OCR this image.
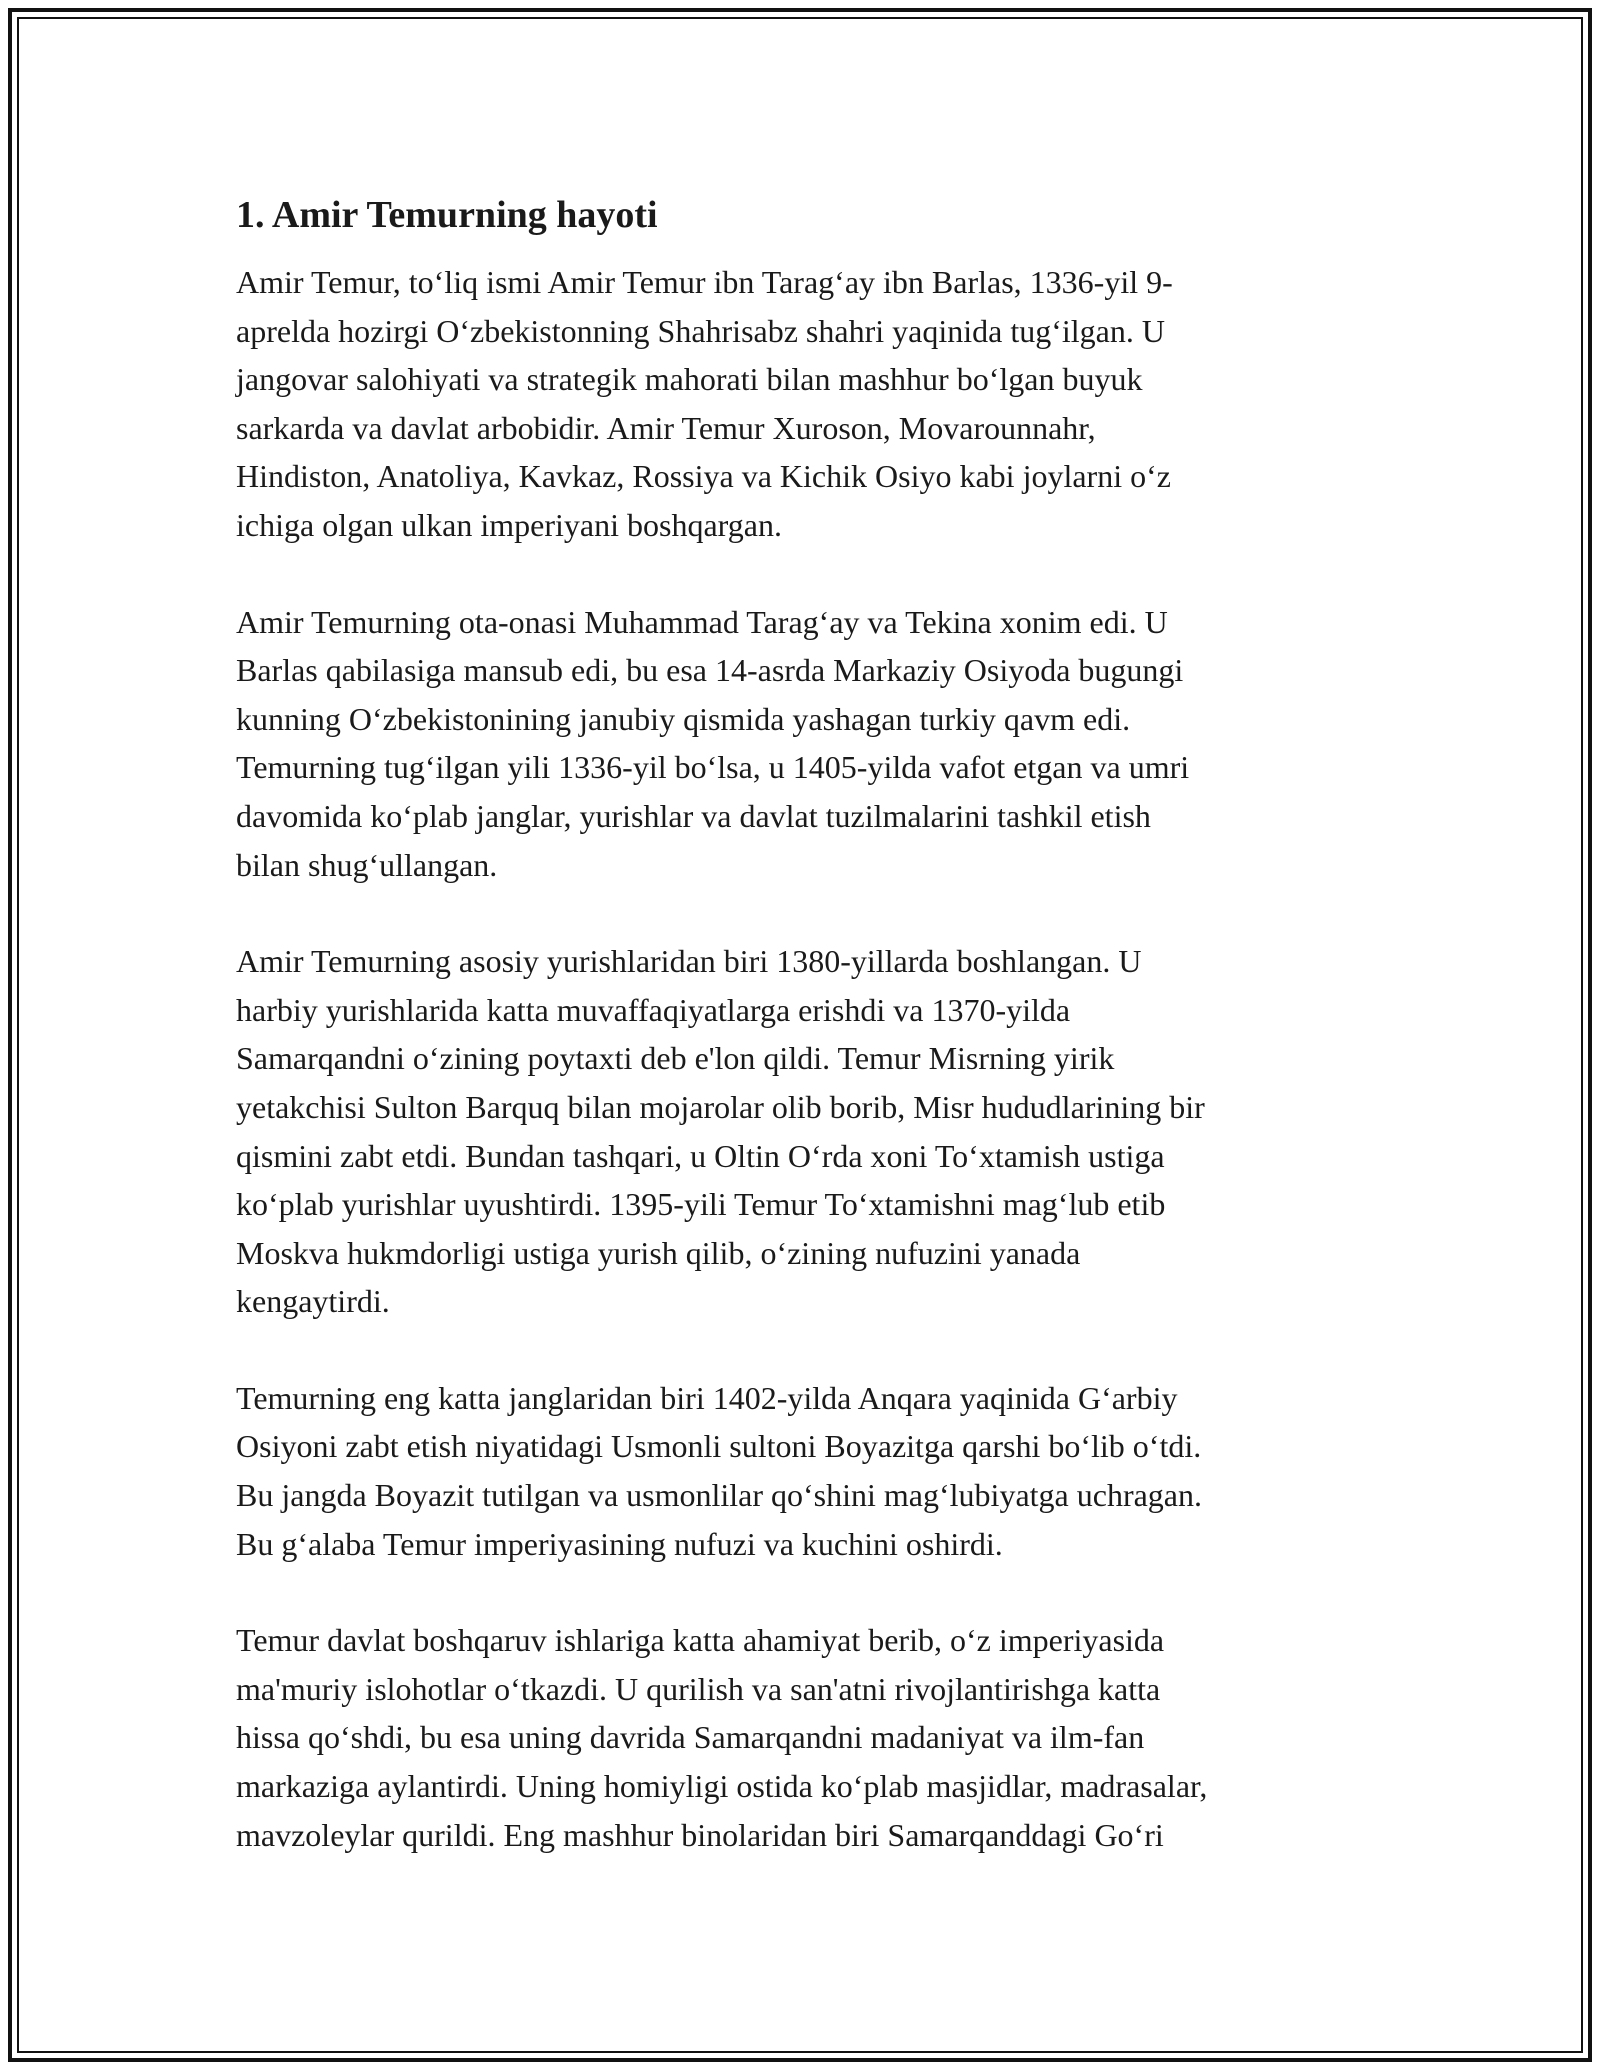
1. Amir Temurning hayoti

Amir Temur, to‘liq ismi Amir Temur ibn Tarag‘ay ibn Barlas, 1336-yil 9-
aprelda hozirgi O‘zbekistonning Shahrisabz shahri yaqinida tug‘ilgan. U
jangovar salohiyati va strategik mahorati bilan mashhur bo‘lgan buyuk
sarkarda va davlat arbobidir. Amir Temur Xuroson, Movarounnahr,
Hindiston, Anatoliya, Kavkaz, Rossiya va Kichik Osiyo kabi joylarni o‘z
ichiga olgan ulkan imperiyani boshqargan.

Amir Temurning ota-onasi Muhammad Tarag‘ay va Tekina xonim edi. U
Barlas qabilasiga mansub edi, bu esa 14-asrda Markaziy Osiyoda bugungi
kunning O‘zbekistonining janubiy qismida yashagan turkiy qavm edi.
Temurning tug‘ilgan yili 1336-yil bo‘lsa, u 1405-yilda vafot etgan va umri
davomida ko‘plab janglar, yurishlar va davlat tuzilmalarini tashkil etish
bilan shug‘ullangan.

Amir Temurning asosiy yurishlaridan biri 1380-yillarda boshlangan. U
harbiy yurishlarida katta muvaffaqiyatlarga erishdi va 1370-yilda
Samarqandni o‘zining poytaxti deb e'lon qildi. Temur Misrning yirik
yetakchisi Sulton Barquq bilan mojarolar olib borib, Misr hududlarining bir
qismini zabt etdi. Bundan tashqari, u Oltin O‘rda xoni To‘xtamish ustiga
ko‘plab yurishlar uyushtirdi. 1395-yili Temur To‘xtamishni mag‘lub etib
Moskva hukmdorligi ustiga yurish qilib, o‘zining nufuzini yanada
kengaytirdi.

Temurning eng katta janglaridan biri 1402-yilda Anqara yaqinida G‘arbiy
Osiyoni zabt etish niyatidagi Usmonli sultoni Boyazitga qarshi bo‘lib o‘tdi.
Bu jangda Boyazit tutilgan va usmonlilar qo‘shini mag‘lubiyatga uchragan.
Bu g‘alaba Temur imperiyasining nufuzi va kuchini oshirdi.

Temur davlat boshqaruv ishlariga katta ahamiyat berib, o‘z imperiyasida
ma'muriy islohotlar o‘tkazdi. U qurilish va san'atni rivojlantirishga katta
hissa qo‘shdi, bu esa uning davrida Samarqandni madaniyat va ilm-fan
markaziga aylantirdi. Uning homiyligi ostida ko‘plab masjidlar, madrasalar,
mavzoleylar qurildi. Eng mashhur binolaridan biri Samarqanddagi Go‘ri
